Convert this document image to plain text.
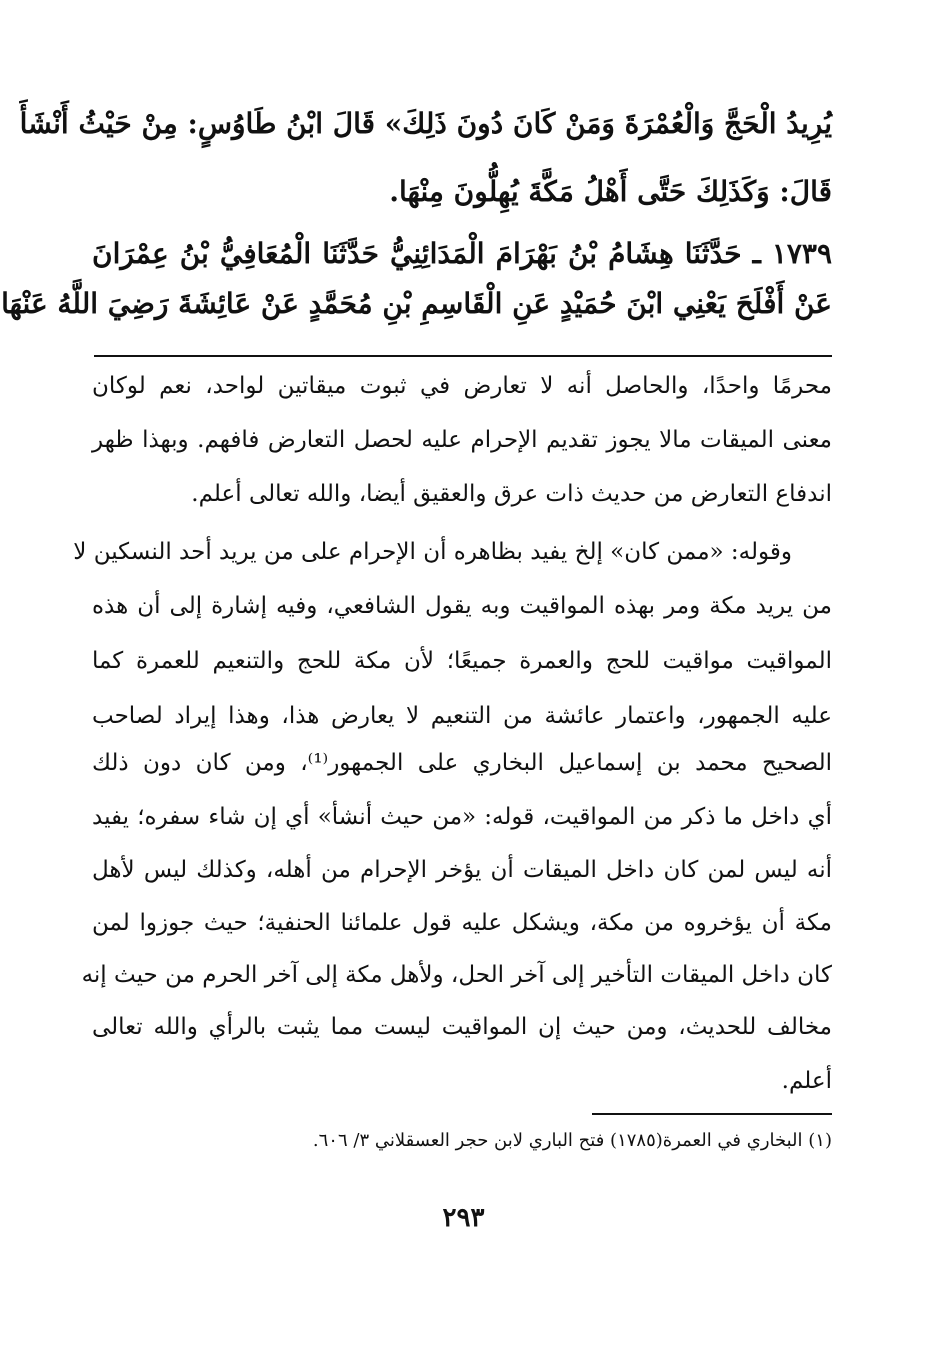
يُرِيدُ الْحَجَّ وَالْعُمْرَةَ وَمَنْ كَانَ دُونَ ذَلِكَ» قَالَ ابْنُ طَاوُسٍ: مِنْ حَيْثُ أَنْشَأَ
قَالَ: وَكَذَلِكَ حَتَّى أَهْلُ مَكَّةَ يُهِلُّونَ مِنْهَا.
١٧٣٩ ـ حَدَّثَنَا هِشَامُ بْنُ بَهْرَامَ الْمَدَائِنِيُّ حَدَّثَنَا الْمُعَافِيُّ بْنُ عِمْرَانَ
عَنْ أَفْلَحَ يَعْنِي ابْنَ حُمَيْدٍ عَنِ الْقَاسِمِ بْنِ مُحَمَّدٍ عَنْ عَائِشَةَ رَضِيَ اللَّهُ عَنْهَا
محرمًا واحدًا، والحاصل أنه لا تعارض في ثبوت ميقاتين لواحد، نعم لوكان
معنى الميقات مالا يجوز تقديم الإحرام عليه لحصل التعارض فافهم. وبهذا ظهر
اندفاع التعارض من حديث ذات عرق والعقيق أيضا، والله تعالى أعلم.
وقوله: «ممن كان» إلخ يفيد بظاهره أن الإحرام على من يريد أحد النسكين لا
من يريد مكة ومر بهذه المواقيت وبه يقول الشافعي، وفيه إشارة إلى أن هذه
المواقيت مواقيت للحج والعمرة جميعًا؛ لأن مكة للحج والتنعيم للعمرة كما
عليه الجمهور، واعتمار عائشة من التنعيم لا يعارض هذا، وهذا إيراد لصاحب
الصحيح محمد بن إسماعيل البخاري على الجمهور⁽¹⁾، ومن كان دون ذلك
أي داخل ما ذكر من المواقيت، قوله: «من حيث أنشأ» أي إن شاء سفره؛ يفيد
أنه ليس لمن كان داخل الميقات أن يؤخر الإحرام من أهله، وكذلك ليس لأهل
مكة أن يؤخروه من مكة، ويشكل عليه قول علمائنا الحنفية؛ حيث جوزوا لمن
كان داخل الميقات التأخير إلى آخر الحل، ولأهل مكة إلى آخر الحرم من حيث إنه
مخالف للحديث، ومن حيث إن المواقيت ليست مما يثبت بالرأي والله تعالى
أعلم.
(١) البخاري في العمرة(١٧٨٥) فتح الباري لابن حجر العسقلاني ٣/ ٦٠٦.
٢٩٣
